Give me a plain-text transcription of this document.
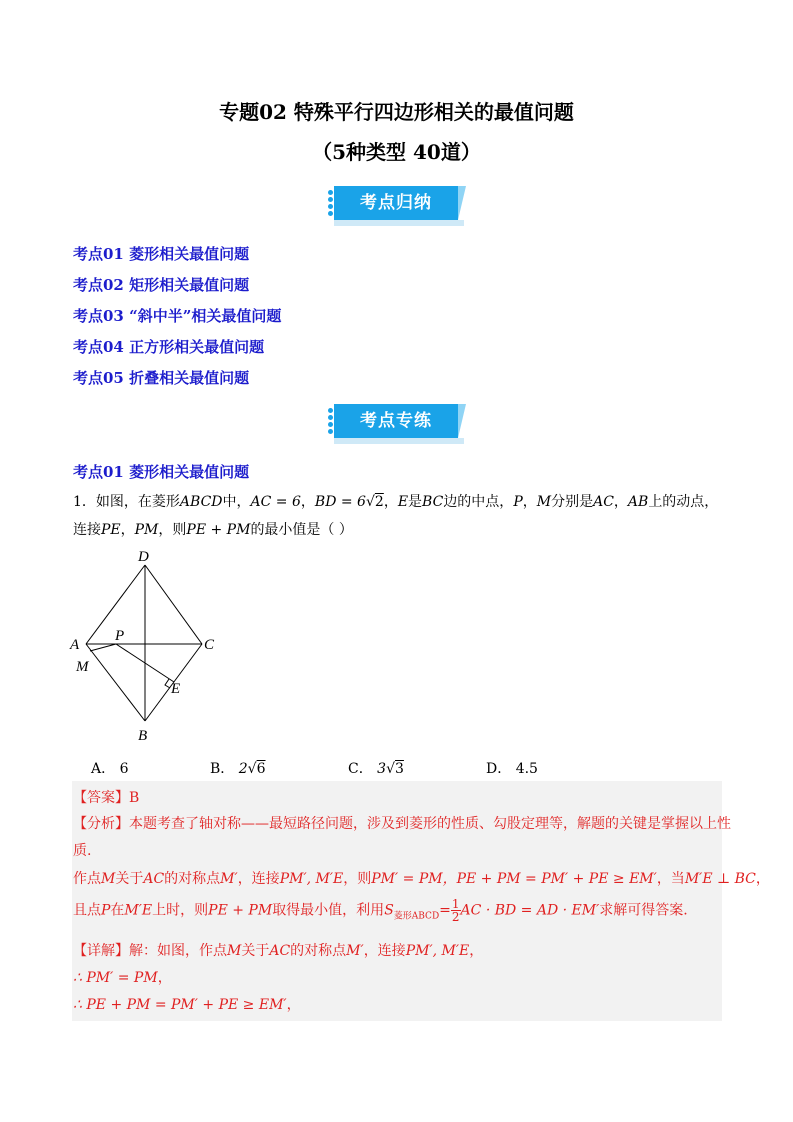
专题02 特殊平行四边形相关的最值问题
（5种类型 40道）
考点归纳
考点01 菱形相关最值问题
考点02 矩形相关最值问题
考点03 “斜中半”相关最值问题
考点04 正方形相关最值问题
考点05 折叠相关最值问题
考点专练
考点01 菱形相关最值问题
1．如图，在菱形ABCD中，AC = 6，BD = 6√2，E是BC边的中点，P，M分别是AC，AB上的动点，
连接PE，PM，则PE + PM的最小值是（ ）
D
A
P
C
M
E
B
A． 6	B． 2√6	C． 3√3	D． 4.5
【答案】B
【分析】本题考查了轴对称——最短路径问题，涉及到菱形的性质、勾股定理等，解题的关键是掌握以上性
质.
作点M关于AC的对称点M′，连接PM′, M′E，则PM′ = PM，PE + PM = PM′ + PE ≥ EM′，当M′E ⊥ BC，
且点P在M′E上时，则PE + PM取得最小值，利用$S_{菱形ABCD}= \frac{1}{2}$ AC · BD = AD · EM′求解可得答案.
【详解】解：如图，作点M关于AC的对称点M′，连接PM′, M′E，
∴ PM′ = PM，
∴ PE + PM = PM′ + PE ≥ EM′，
